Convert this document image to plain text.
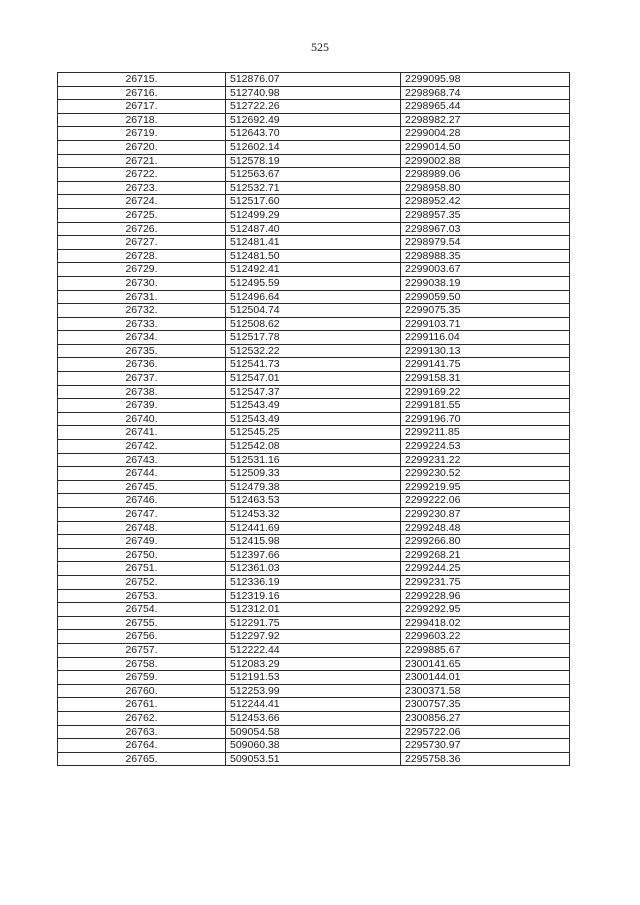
525
26715.	512876.07	2299095.98
26716.	512740.98	2298968.74
26717.	512722.26	2298965.44
26718.	512692.49	2298982.27
26719.	512643.70	2299004.28
26720.	512602.14	2299014.50
26721.	512578.19	2299002.88
26722.	512563.67	2298989.06
26723.	512532.71	2298958.80
26724.	512517.60	2298952.42
26725.	512499.29	2298957.35
26726.	512487.40	2298967.03
26727.	512481.41	2298979.54
26728.	512481.50	2298988.35
26729.	512492.41	2299003.67
26730.	512495.59	2299038.19
26731.	512496.64	2299059.50
26732.	512504.74	2299075.35
26733.	512508.62	2299103.71
26734.	512517.78	2299116.04
26735.	512532.22	2299130.13
26736.	512541.73	2299141.75
26737.	512547.01	2299158.31
26738.	512547.37	2299169.22
26739.	512543.49	2299181.55
26740.	512543.49	2299196.70
26741.	512545.25	2299211.85
26742.	512542.08	2299224.53
26743.	512531.16	2299231.22
26744.	512509.33	2299230.52
26745.	512479.38	2299219.95
26746.	512463.53	2299222.06
26747.	512453.32	2299230.87
26748.	512441.69	2299248.48
26749.	512415.98	2299266.80
26750.	512397.66	2299268.21
26751.	512361.03	2299244.25
26752.	512336.19	2299231.75
26753.	512319.16	2299228.96
26754.	512312.01	2299292.95
26755.	512291.75	2299418.02
26756.	512297.92	2299603.22
26757.	512222.44	2299885.67
26758.	512083.29	2300141.65
26759.	512191.53	2300144.01
26760.	512253.99	2300371.58
26761.	512244.41	2300757.35
26762.	512453.66	2300856.27
26763.	509054.58	2295722.06
26764.	509060.38	2295730.97
26765.	509053.51	2295758.36
